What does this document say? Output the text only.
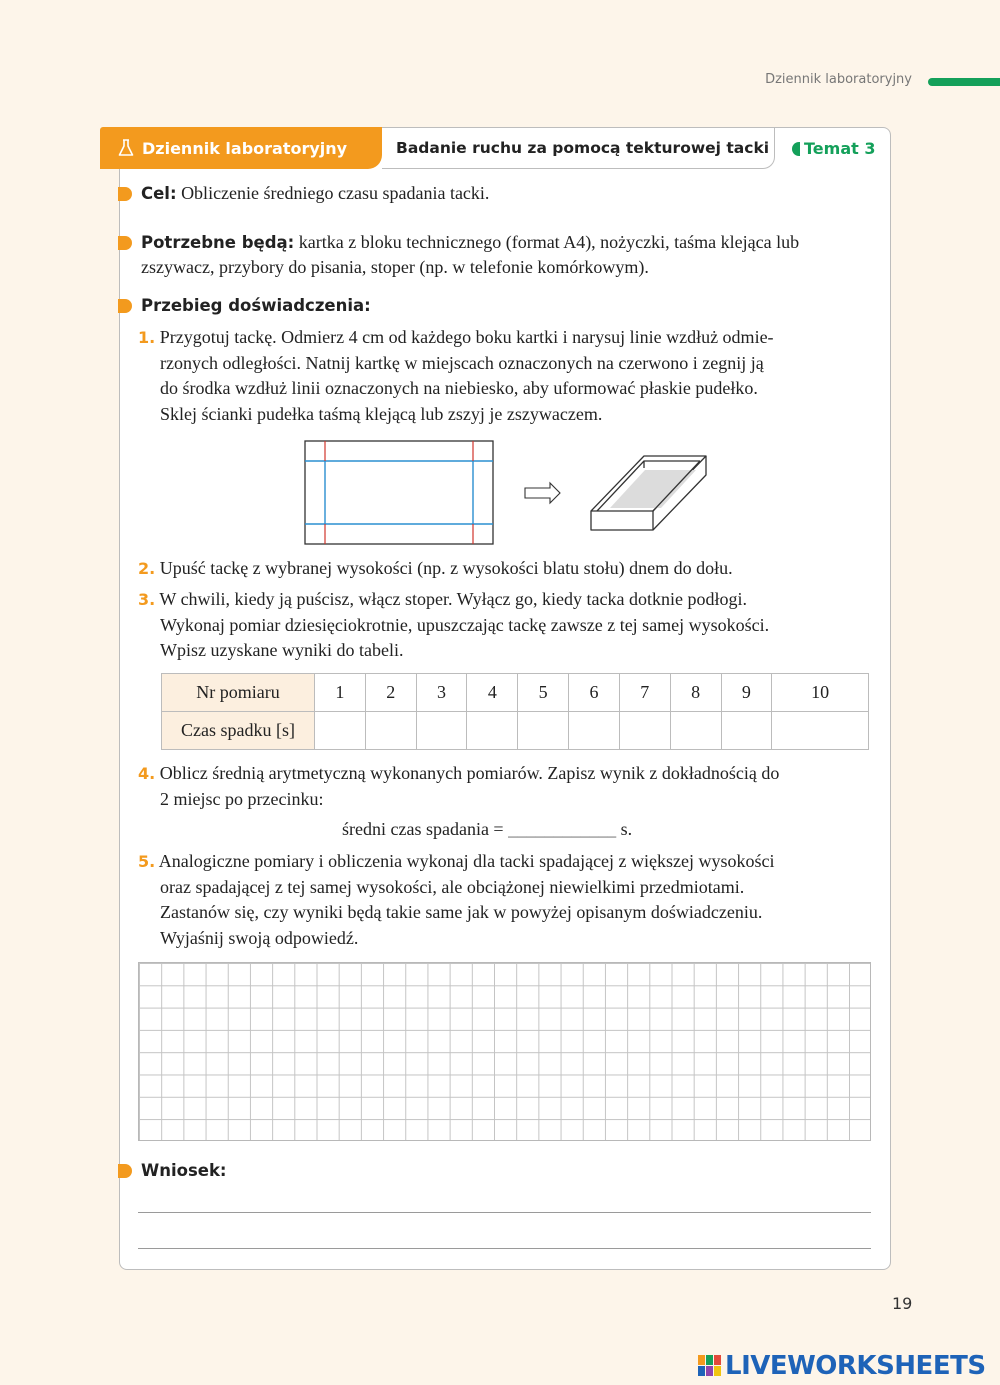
Dziennik laboratoryjny
Dziennik laboratoryjny	Badanie ruchu za pomocą tekturowej tacki	Temat 3
Cel: Obliczenie średniego czasu spadania tacki.
Potrzebne będą: kartka z bloku technicznego (format A4), nożyczki, taśma klejąca lub
zszywacz, przybory do pisania, stoper (np. w telefonie komórkowym).
Przebieg doświadczenia:
1. Przygotuj tackę. Odmierz 4 cm od każdego boku kartki i narysuj linie wzdłuż odmie-
rzonych odległości. Natnij kartkę w miejscach oznaczonych na czerwono i zegnij ją
do środka wzdłuż linii oznaczonych na niebiesko, aby uformować płaskie pudełko.
Sklej ścianki pudełka taśmą klejącą lub zszyj je zszywaczem.
2. Upuść tackę z wybranej wysokości (np. z wysokości blatu stołu) dnem do dołu.
3. W chwili, kiedy ją puścisz, włącz stoper. Wyłącz go, kiedy tacka dotknie podłogi.
Wykonaj pomiar dziesięciokrotnie, upuszczając tackę zawsze z tej samej wysokości.
Wpisz uzyskane wyniki do tabeli.
Nr pomiaru	1	2	3	4	5	6	7	8	9	10
Czas spadku [s]										
4. Oblicz średnią arytmetyczną wykonanych pomiarów. Zapisz wynik z dokładnością do
2 miejsc po przecinku:
średni czas spadania = ____________ s.
5. Analogiczne pomiary i obliczenia wykonaj dla tacki spadającej z większej wysokości
oraz spadającej z tej samej wysokości, ale obciążonej niewielkimi przedmiotami.
Zastanów się, czy wyniki będą takie same jak w powyżej opisanym doświadczeniu.
Wyjaśnij swoją odpowiedź.
Wniosek:
19
LIVEWORKSHEETS
